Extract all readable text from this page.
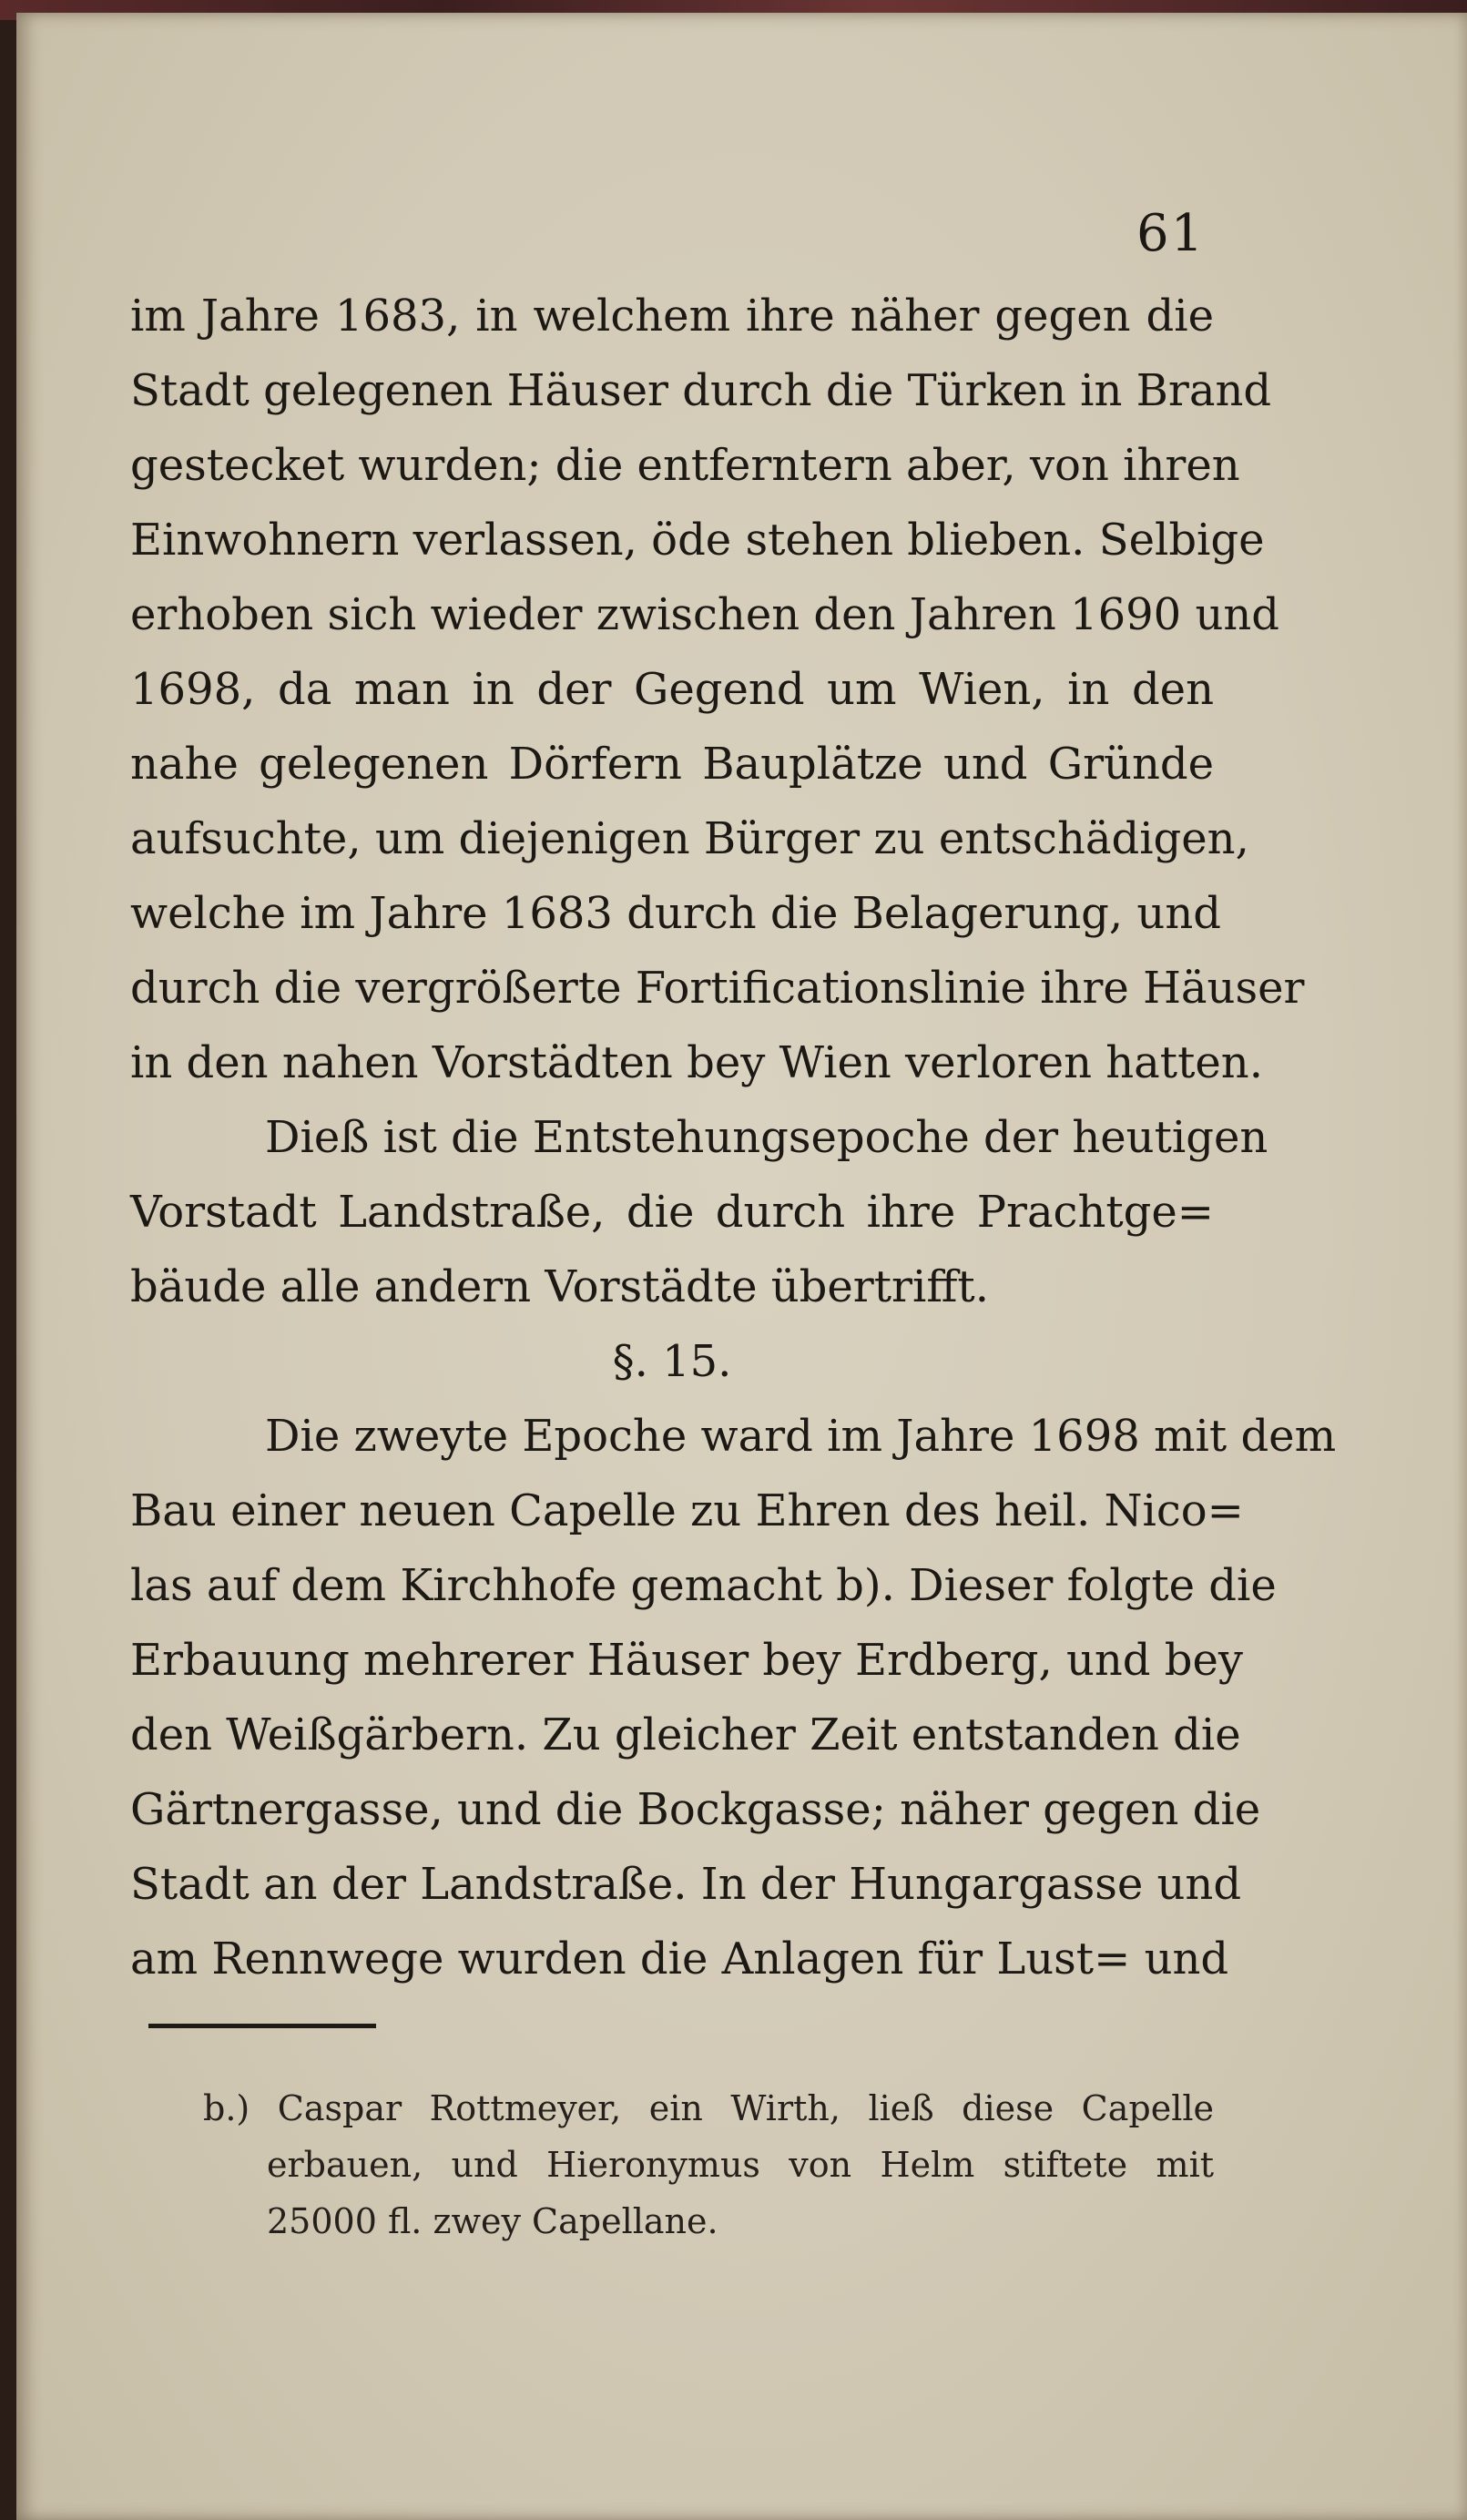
61
im Jahre 1683, in welchem ihre näher gegen die
Stadt gelegenen Häuser durch die Türken in Brand
gestecket wurden; die entferntern aber, von ihren
Einwohnern verlassen, öde stehen blieben. Selbige
erhoben sich wieder zwischen den Jahren 1690 und
1698, da man in der Gegend um Wien, in den
nahe gelegenen Dörfern Bauplätze und Gründe
aufsuchte, um diejenigen Bürger zu entschädigen,
welche im Jahre 1683 durch die Belagerung, und
durch die vergrößerte Fortificationslinie ihre Häuser
in den nahen Vorstädten bey Wien verloren hatten.
Dieß ist die Entstehungsepoche der heutigen
Vorstadt Landstraße, die durch ihre Prachtge=
bäude alle andern Vorstädte übertrifft.
§. 15.
Die zweyte Epoche ward im Jahre 1698 mit dem
Bau einer neuen Capelle zu Ehren des heil. Nico=
las auf dem Kirchhofe gemacht b). Dieser folgte die
Erbauung mehrerer Häuser bey Erdberg, und bey
den Weißgärbern. Zu gleicher Zeit entstanden die
Gärtnergasse, und die Bockgasse; näher gegen die
Stadt an der Landstraße. In der Hungargasse und
am Rennwege wurden die Anlagen für Lust= und
b.) Caspar Rottmeyer, ein Wirth, ließ diese Capelle
erbauen, und Hieronymus von Helm stiftete mit
25000 fl. zwey Capellane.
